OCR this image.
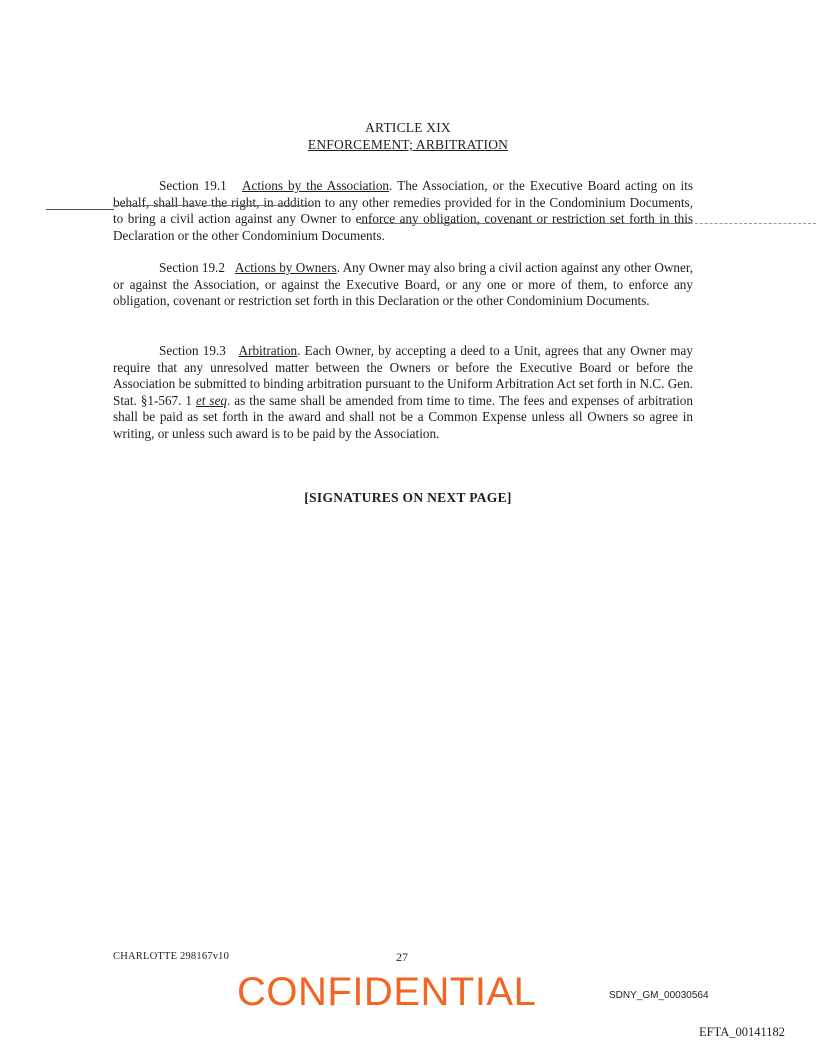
ARTICLE XIX
ENFORCEMENT; ARBITRATION

Section 19.1 Actions by the Association. The Association, or the Executive Board acting on its behalf, shall have the right, in addition to any other remedies provided for in the Condominium Documents, to bring a civil action against any Owner to enforce any obligation, covenant or restriction set forth in this Declaration or the other Condominium Documents.

Section 19.2 Actions by Owners. Any Owner may also bring a civil action against any other Owner, or against the Association, or against the Executive Board, or any one or more of them, to enforce any obligation, covenant or restriction set forth in this Declaration or the other Condominium Documents.

Section 19.3 Arbitration. Each Owner, by accepting a deed to a Unit, agrees that any Owner may require that any unresolved matter between the Owners or before the Executive Board or before the Association be submitted to binding arbitration pursuant to the Uniform Arbitration Act set forth in N.C. Gen. Stat. §1-567. 1 et seq. as the same shall be amended from time to time. The fees and expenses of arbitration shall be paid as set forth in the award and shall not be a Common Expense unless all Owners so agree in writing, or unless such award is to be paid by the Association.

[SIGNATURES ON NEXT PAGE]
CHARLOTTE 298167v10	27
CONFIDENTIAL	SDNY_GM_00030564
EFTA_00141182
